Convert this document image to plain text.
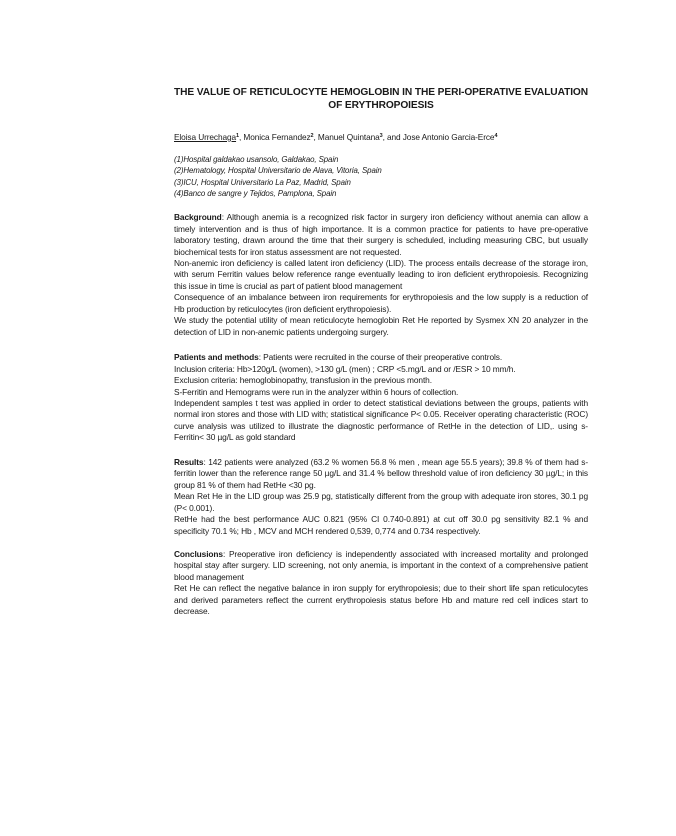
THE VALUE OF RETICULOCYTE HEMOGLOBIN IN THE PERI-OPERATIVE EVALUATION OF ERYTHROPOIESIS
Eloisa Urrechaga$^1$, Monica Fernandez$^2$, Manuel Quintana$^3$, and Jose Antonio Garcia-Erce$^4$
(1)Hospital galdakao usansolo, Galdakao, Spain
(2)Hematology, Hospital Universitario de Alava, Vitoria, Spain
(3)ICU, Hospital Universitario La Paz, Madrid, Spain
(4)Banco de sangre y Tejidos, Pamplona, Spain

Background: Although anemia is a recognized risk factor in surgery iron deficiency without anemia can allow a timely intervention and is thus of high importance. It is a common practice for patients to have pre-operative laboratory testing, drawn around the time that their surgery is scheduled, including measuring CBC, but usually biochemical tests for iron status assessment are not requested.

Non-anemic iron deficiency is called latent iron deficiency (LID). The process entails decrease of the storage iron, with serum Ferritin values below reference range eventually leading to iron deficient erythropoiesis. Recognizing this issue in time is crucial as part of patient blood management

Consequence of an imbalance between iron requirements for erythropoiesis and the low supply is a reduction of Hb production by reticulocytes (iron deficient erythropoiesis).

We study the potential utility of mean reticulocyte hemoglobin Ret He reported by Sysmex XN 20 analyzer in the detection of LID in non-anemic patients undergoing surgery.

Patients and methods: Patients were recruited in the course of their preoperative controls.

Inclusion criteria: Hb>120g/L (women), >130 g/L (men) ; CRP <5.mg/L and or /ESR > 10 mm/h.

Exclusion criteria: hemoglobinopathy, transfusion in the previous month.

S-Ferritin and Hemograms were run in the analyzer within 6 hours of collection.

Independent samples t test was applied in order to detect statistical deviations between the groups, patients with normal iron stores and those with LID with; statistical significance P< 0.05. Receiver operating characteristic (ROC) curve analysis was utilized to illustrate the diagnostic performance of RetHe in the detection of LID,. using s-Ferritin< 30 µg/L as gold standard

Results: 142 patients were analyzed (63.2 % women 56.8 % men , mean age 55.5 years); 39.8 % of them had s-ferritin lower than the reference range 50 µg/L and 31.4 % bellow threshold value of iron deficiency 30 µg/L; in this group 81 % of them had RetHe <30 pg.

Mean Ret He in the LID group was 25.9 pg, statistically different from the group with adequate iron stores, 30.1 pg (P< 0.001).

RetHe had the best performance AUC 0.821 (95% CI 0.740-0.891) at cut off 30.0 pg sensitivity 82.1 % and specificity 70.1 %; Hb , MCV and MCH rendered 0,539, 0,774 and 0.734 respectively.

Conclusions: Preoperative iron deficiency is independently associated with increased mortality and prolonged hospital stay after surgery. LID screening, not only anemia, is important in the context of a comprehensive patient blood management

Ret He can reflect the negative balance in iron supply for erythropoiesis; due to their short life span reticulocytes and derived parameters reflect the current erythropoiesis status before Hb and mature red cell indices start to decrease.
